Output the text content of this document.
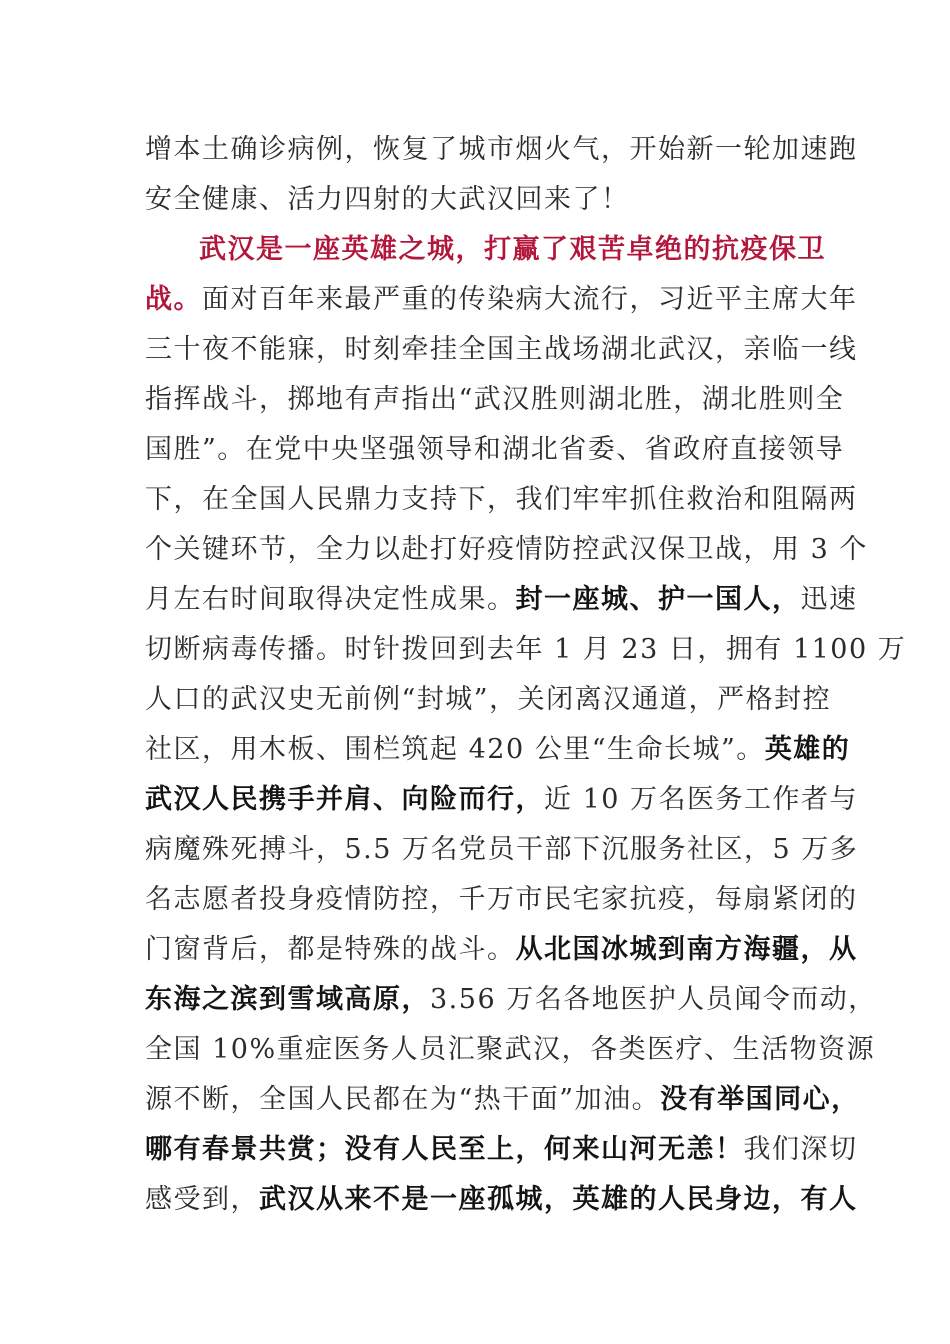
增本土确诊病例，恢复了城市烟火气，开始新一轮加速跑
安全健康、活力四射的大武汉回来了！
武汉是一座英雄之城，打赢了艰苦卓绝的抗疫保卫
战。面对百年来最严重的传染病大流行，习近平主席大年
三十夜不能寐，时刻牵挂全国主战场湖北武汉，亲临一线
指挥战斗，掷地有声指出“武汉胜则湖北胜，湖北胜则全
国胜”。在党中央坚强领导和湖北省委、省政府直接领导
下，在全国人民鼎力支持下，我们牢牢抓住救治和阻隔两
个关键环节，全力以赴打好疫情防控武汉保卫战，用 3 个
月左右时间取得决定性成果。封一座城、护一国人，迅速
切断病毒传播。时针拨回到去年 1 月 23 日，拥有 1100 万
人口的武汉史无前例“封城”，关闭离汉通道，严格封控
社区，用木板、围栏筑起 420 公里“生命长城”。英雄的
武汉人民携手并肩、向险而行，近 10 万名医务工作者与
病魔殊死搏斗，5.5 万名党员干部下沉服务社区，5 万多
名志愿者投身疫情防控，千万市民宅家抗疫，每扇紧闭的
门窗背后，都是特殊的战斗。从北国冰城到南方海疆，从
东海之滨到雪域高原，3.56 万名各地医护人员闻令而动，
全国 10%重症医务人员汇聚武汉，各类医疗、生活物资源
源不断，全国人民都在为“热干面”加油。没有举国同心，
哪有春景共赏；没有人民至上，何来山河无恙！我们深切
感受到，武汉从来不是一座孤城，英雄的人民身边，有人
